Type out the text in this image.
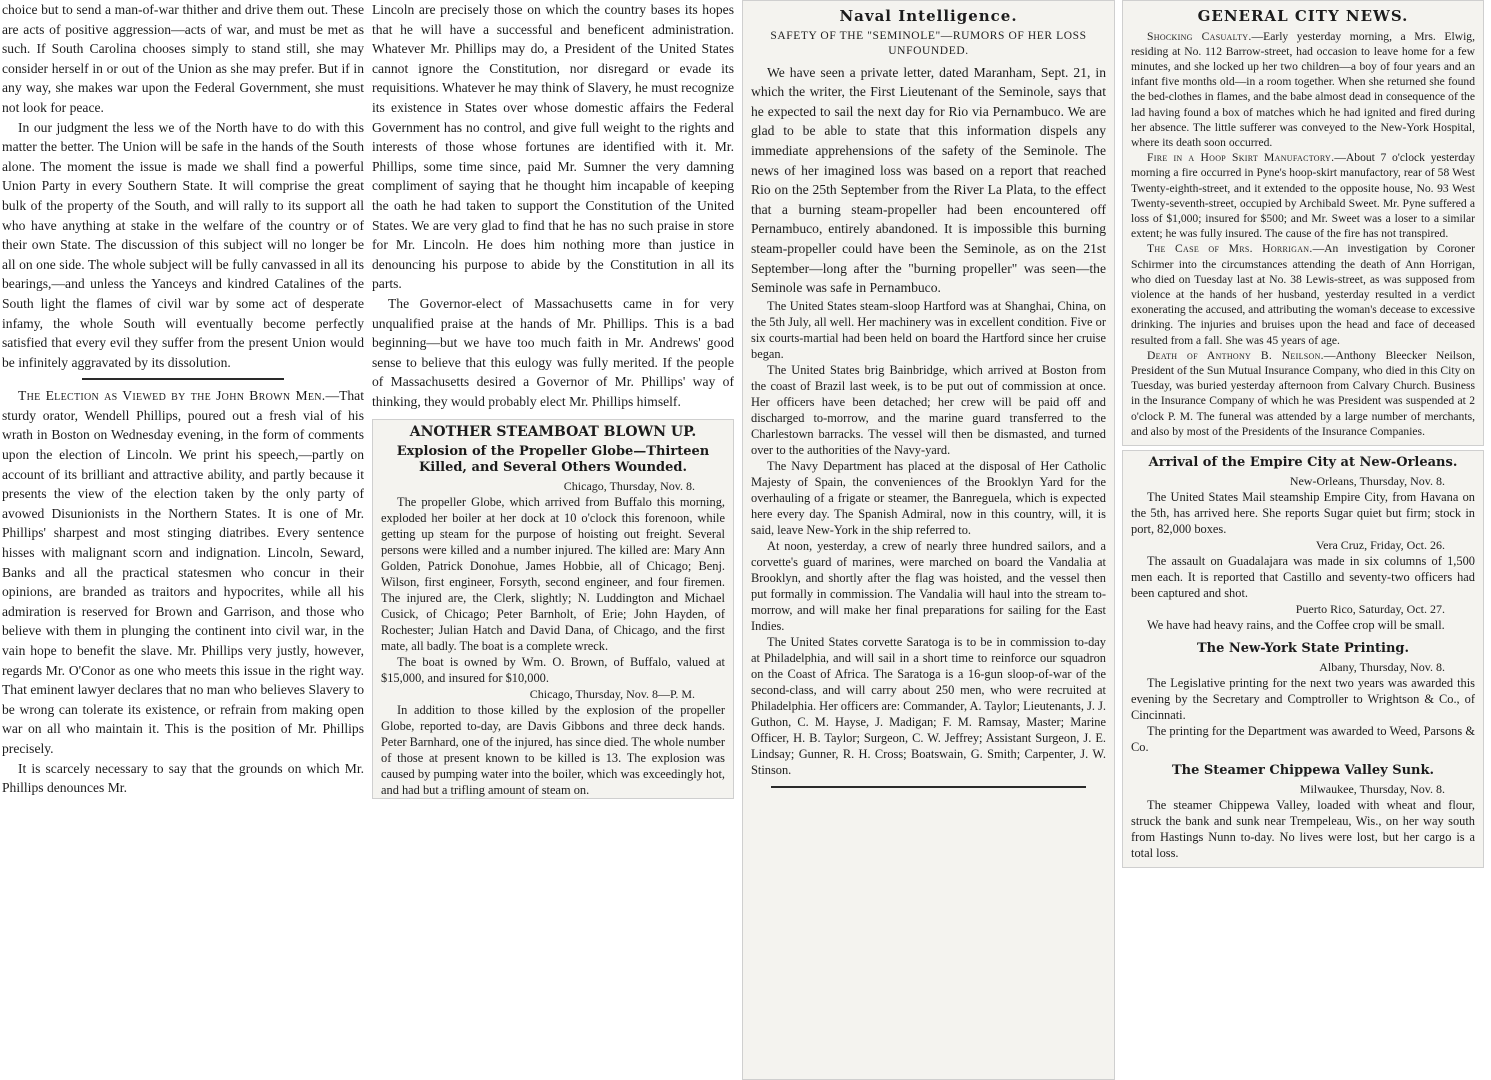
choice but to send a man-of-war thither and drive them out. These are acts of positive aggression—acts of war, and must be met as such. If South Carolina chooses simply to stand still, she may consider herself in or out of the Union as she may prefer. But if in any way, she makes war upon the Federal Government, she must not look for peace.

In our judgment the less we of the North have to do with this matter the better. The Union will be safe in the hands of the South alone. The moment the issue is made we shall find a powerful Union Party in every Southern State. It will comprise the great bulk of the property of the South, and will rally to its support all who have anything at stake in the welfare of the country or of their own State. The discussion of this subject will no longer be all on one side. The whole subject will be fully canvassed in all its bearings,—and unless the Yanceys and kindred Catalines of the South light the flames of civil war by some act of desperate infamy, the whole South will eventually become perfectly satisfied that every evil they suffer from the present Union would be infinitely aggravated by its dissolution.

The Election as Viewed by the John Brown Men.—That sturdy orator, Wendell Phillips, poured out a fresh vial of his wrath in Boston on Wednesday evening, in the form of comments upon the election of Lincoln. We print his speech,—partly on account of its brilliant and attractive ability, and partly because it presents the view of the election taken by the only party of avowed Disunionists in the Northern States. It is one of Mr. Phillips' sharpest and most stinging diatribes. Every sentence hisses with malignant scorn and indignation. Lincoln, Seward, Banks and all the practical statesmen who concur in their opinions, are branded as traitors and hypocrites, while all his admiration is reserved for Brown and Garrison, and those who believe with them in plunging the continent into civil war, in the vain hope to benefit the slave. Mr. Phillips very justly, however, regards Mr. O'Conor as one who meets this issue in the right way. That eminent lawyer declares that no man who believes Slavery to be wrong can tolerate its existence, or refrain from making open war on all who maintain it. This is the position of Mr. Phillips precisely.

It is scarcely necessary to say that the grounds on which Mr. Phillips denounces Mr.

Lincoln are precisely those on which the country bases its hopes that he will have a successful and beneficent administration. Whatever Mr. Phillips may do, a President of the United States cannot ignore the Constitution, nor disregard or evade its requisitions. Whatever he may think of Slavery, he must recognize its existence in States over whose domestic affairs the Federal Government has no control, and give full weight to the rights and interests of those whose fortunes are identified with it. Mr. Phillips, some time since, paid Mr. Sumner the very damning compliment of saying that he thought him incapable of keeping the oath he had taken to support the Constitution of the United States. We are very glad to find that he has no such praise in store for Mr. Lincoln. He does him nothing more than justice in denouncing his purpose to abide by the Constitution in all its parts.

The Governor-elect of Massachusetts came in for very unqualified praise at the hands of Mr. Phillips. This is a bad beginning—but we have too much faith in Mr. Andrews' good sense to believe that this eulogy was fully merited. If the people of Massachusetts desired a Governor of Mr. Phillips' way of thinking, they would probably elect Mr. Phillips himself.

ANOTHER STEAMBOAT BLOWN UP.
Explosion of the Propeller Globe—Thirteen Killed, and Several Others Wounded.
Chicago, Thursday, Nov. 8.

The propeller Globe, which arrived from Buffalo this morning, exploded her boiler at her dock at 10 o'clock this forenoon, while getting up steam for the purpose of hoisting out freight. Several persons were killed and a number injured. The killed are: Mary Ann Golden, Patrick Donohue, James Hobbie, all of Chicago; Benj. Wilson, first engineer, Forsyth, second engineer, and four firemen. The injured are, the Clerk, slightly; N. Luddington and Michael Cusick, of Chicago; Peter Barnholt, of Erie; John Hayden, of Rochester; Julian Hatch and David Dana, of Chicago, and the first mate, all badly. The boat is a complete wreck.

The boat is owned by Wm. O. Brown, of Buffalo, valued at $15,000, and insured for $10,000.

Chicago, Thursday, Nov. 8—P. M.

In addition to those killed by the explosion of the propeller Globe, reported to-day, are Davis Gibbons and three deck hands. Peter Barnhard, one of the injured, has since died. The whole number of those at present known to be killed is 13. The explosion was caused by pumping water into the boiler, which was exceedingly hot, and had but a trifling amount of steam on.

Naval Intelligence.
SAFETY OF THE "SEMINOLE"—RUMORS OF HER LOSS UNFOUNDED.

We have seen a private letter, dated Maranham, Sept. 21, in which the writer, the First Lieutenant of the Seminole, says that he expected to sail the next day for Rio via Pernambuco. We are glad to be able to state that this information dispels any immediate apprehensions of the safety of the Seminole. The news of her imagined loss was based on a report that reached Rio on the 25th September from the River La Plata, to the effect that a burning steam-propeller had been encountered off Pernambuco, entirely abandoned. It is impossible this burning steam-propeller could have been the Seminole, as on the 21st September—long after the "burning propeller" was seen—the Seminole was safe in Pernambuco.

The United States steam-sloop Hartford was at Shanghai, China, on the 5th July, all well. Her machinery was in excellent condition. Five or six courts-martial had been held on board the Hartford since her cruise began.

The United States brig Bainbridge, which arrived at Boston from the coast of Brazil last week, is to be put out of commission at once. Her officers have been detached; her crew will be paid off and discharged to-morrow, and the marine guard transferred to the Charlestown barracks. The vessel will then be dismasted, and turned over to the authorities of the Navy-yard.

The Navy Department has placed at the disposal of Her Catholic Majesty of Spain, the conveniences of the Brooklyn Yard for the overhauling of a frigate or steamer, the Banreguela, which is expected here every day. The Spanish Admiral, now in this country, will, it is said, leave New-York in the ship referred to.

At noon, yesterday, a crew of nearly three hundred sailors, and a corvette's guard of marines, were marched on board the Vandalia at Brooklyn, and shortly after the flag was hoisted, and the vessel then put formally in commission. The Vandalia will haul into the stream to-morrow, and will make her final preparations for sailing for the East Indies.

The United States corvette Saratoga is to be in commission to-day at Philadelphia, and will sail in a short time to reinforce our squadron on the Coast of Africa. The Saratoga is a 16-gun sloop-of-war of the second-class, and will carry about 250 men, who were recruited at Philadelphia. Her officers are: Commander, A. Taylor; Lieutenants, J. J. Guthon, C. M. Hayse, J. Madigan; F. M. Ramsay, Master; Marine Officer, H. B. Taylor; Surgeon, C. W. Jeffrey; Assistant Surgeon, J. E. Lindsay; Gunner, R. H. Cross; Boatswain, G. Smith; Carpenter, J. W. Stinson.

GENERAL CITY NEWS.

Shocking Casualty.—Early yesterday morning, a Mrs. Elwig, residing at No. 112 Barrow-street, had occasion to leave home for a few minutes, and she locked up her two children—a boy of four years and an infant five months old—in a room together. When she returned she found the bed-clothes in flames, and the babe almost dead in consequence of the lad having found a box of matches which he had ignited and fired during her absence. The little sufferer was conveyed to the New-York Hospital, where its death soon occurred.

Fire in a Hoop Skirt Manufactory.—About 7 o'clock yesterday morning a fire occurred in Pyne's hoop-skirt manufactory, rear of 58 West Twenty-eighth-street, and it extended to the opposite house, No. 93 West Twenty-seventh-street, occupied by Archibald Sweet. Mr. Pyne suffered a loss of $1,000; insured for $500; and Mr. Sweet was a loser to a similar extent; he was fully insured. The cause of the fire has not transpired.

The Case of Mrs. Horrigan.—An investigation by Coroner Schirmer into the circumstances attending the death of Ann Horrigan, who died on Tuesday last at No. 38 Lewis-street, as was supposed from violence at the hands of her husband, yesterday resulted in a verdict exonerating the accused, and attributing the woman's decease to excessive drinking. The injuries and bruises upon the head and face of deceased resulted from a fall. She was 45 years of age.

Death of Anthony B. Neilson.—Anthony Bleecker Neilson, President of the Sun Mutual Insurance Company, who died in this City on Tuesday, was buried yesterday afternoon from Calvary Church. Business in the Insurance Company of which he was President was suspended at 2 o'clock P. M. The funeral was attended by a large number of merchants, and also by most of the Presidents of the Insurance Companies.

Arrival of the Empire City at New-Orleans.
New-Orleans, Thursday, Nov. 8.

The United States Mail steamship Empire City, from Havana on the 5th, has arrived here. She reports Sugar quiet but firm; stock in port, 82,000 boxes.

Vera Cruz, Friday, Oct. 26.

The assault on Guadalajara was made in six columns of 1,500 men each. It is reported that Castillo and seventy-two officers had been captured and shot.

Puerto Rico, Saturday, Oct. 27.

We have had heavy rains, and the Coffee crop will be small.

The New-York State Printing.
Albany, Thursday, Nov. 8.

The Legislative printing for the next two years was awarded this evening by the Secretary and Comptroller to Wrightson & Co., of Cincinnati.

The printing for the Department was awarded to Weed, Parsons & Co.

The Steamer Chippewa Valley Sunk.
Milwaukee, Thursday, Nov. 8.

The steamer Chippewa Valley, loaded with wheat and flour, struck the bank and sunk near Trempeleau, Wis., on her way south from Hastings Nunn to-day. No lives were lost, but her cargo is a total loss.
